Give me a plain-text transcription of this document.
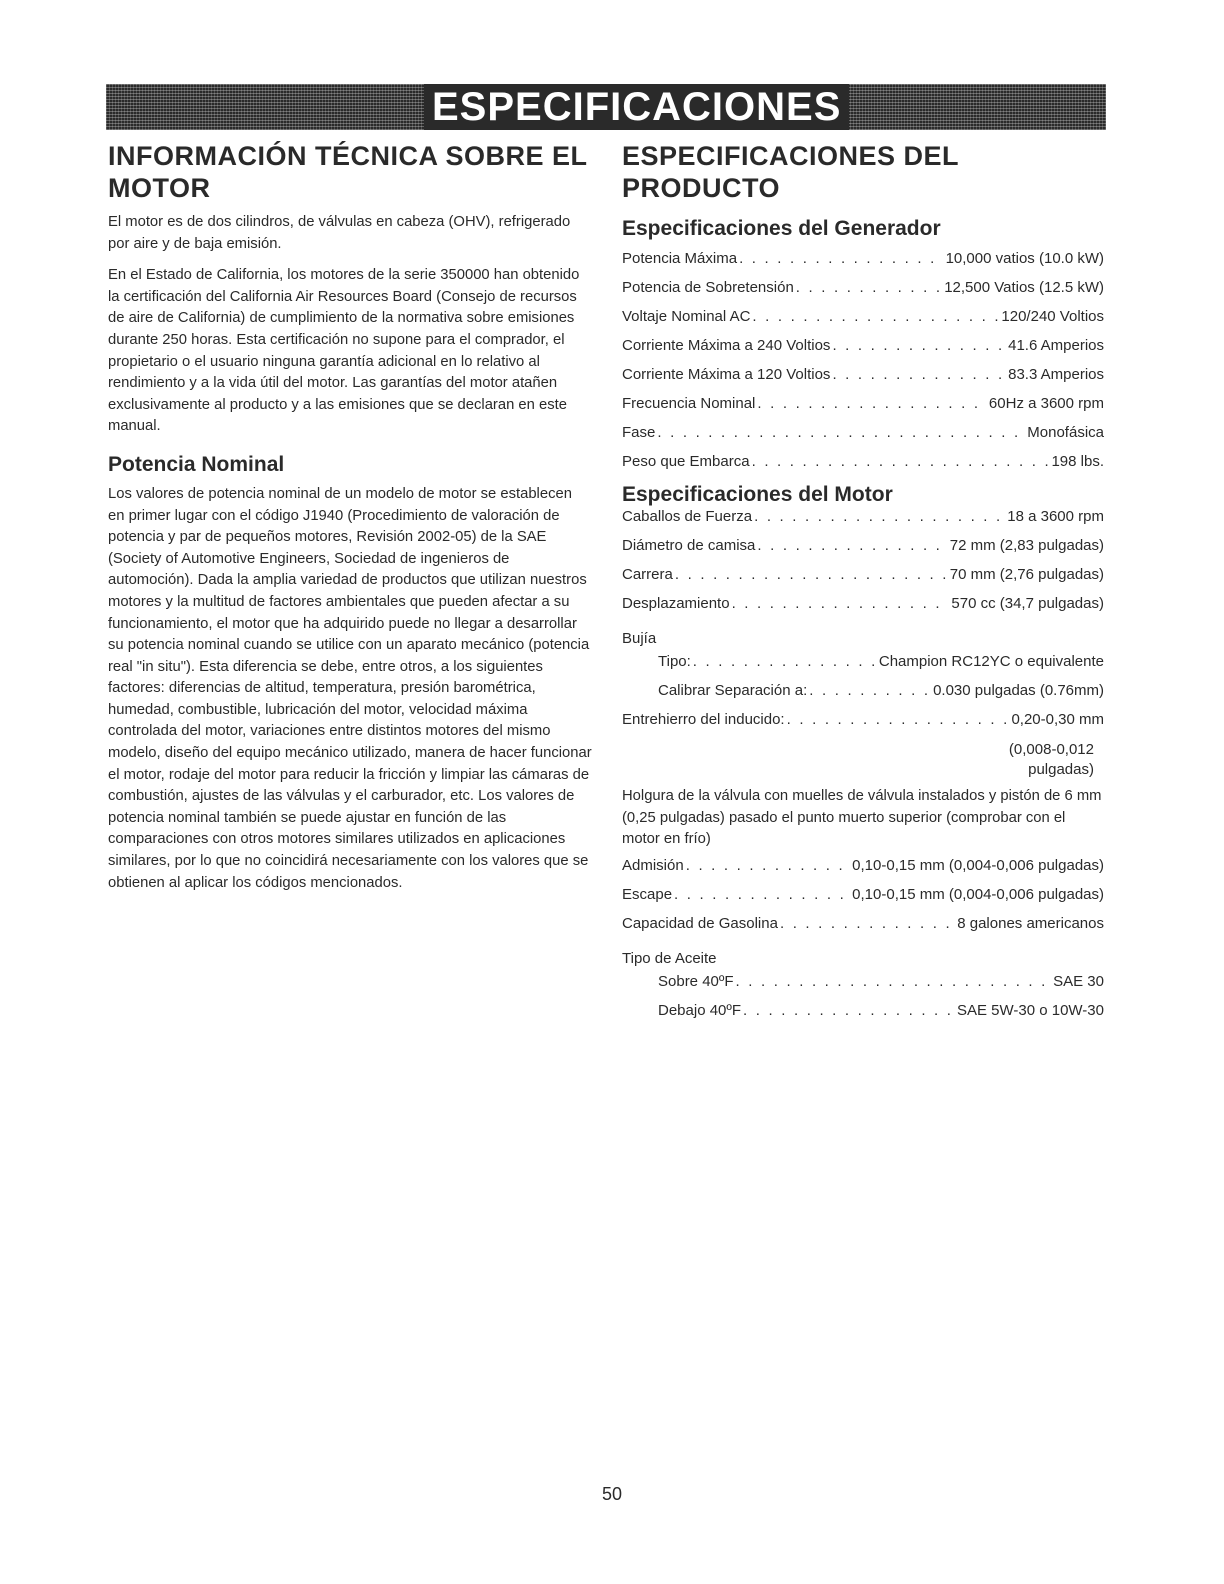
ESPECIFICACIONES
INFORMACIÓN TÉCNICA SOBRE EL MOTOR

El motor es de dos cilindros, de válvulas en cabeza (OHV), refrigerado por aire y de baja emisión.

En el Estado de California, los motores de la serie 350000 han obtenido la certificación del California Air Resources Board (Consejo de recursos de aire de California) de cumplimiento de la normativa sobre emisiones durante 250 horas. Esta certificación no supone para el comprador, el propietario o el usuario ninguna garantía adicional en lo relativo al rendimiento y a la vida útil del motor. Las garantías del motor atañen exclusivamente al producto y a las emisiones que se declaran en este manual.

Potencia Nominal

Los valores de potencia nominal de un modelo de motor se establecen en primer lugar con el código J1940 (Procedimiento de valoración de potencia y par de pequeños motores, Revisión 2002-05) de la SAE (Society of Automotive Engineers, Sociedad de ingenieros de automoción). Dada la amplia variedad de productos que utilizan nuestros motores y la multitud de factores ambientales que pueden afectar a su funcionamiento, el motor que ha adquirido puede no llegar a desarrollar su potencia nominal cuando se utilice con un aparato mecánico (potencia real "in situ"). Esta diferencia se debe, entre otros, a los siguientes factores: diferencias de altitud, temperatura, presión barométrica, humedad, combustible, lubricación del motor, velocidad máxima controlada del motor, variaciones entre distintos motores del mismo modelo, diseño del equipo mecánico utilizado, manera de hacer funcionar el motor, rodaje del motor para reducir la fricción y limpiar las cámaras de combustión, ajustes de las válvulas y el carburador, etc. Los valores de potencia nominal también se puede ajustar en función de las comparaciones con otros motores similares utilizados en aplicaciones similares, por lo que no coincidirá necesariamente con los valores que se obtienen al aplicar los códigos mencionados.

ESPECIFICACIONES DEL PRODUCTO
Especificaciones del Generador
Potencia Máxima . . .	10,000 vatios (10.0 kW)
Potencia de Sobretensión . . .	12,500 Vatios (12.5 kW)
Voltaje Nominal AC . . .	120/240 Voltios
Corriente Máxima a 240 Voltios . . .	41.6 Amperios
Corriente Máxima a 120 Voltios . . .	83.3 Amperios
Frecuencia Nominal . . .	60Hz a 3600 rpm
Fase . . .	Monofásica
Peso que Embarca . . .	198 lbs.
Especificaciones del Motor
Caballos de Fuerza . . .	18 a 3600 rpm
Diámetro de camisa . . .	72 mm (2,83 pulgadas)
Carrera . . .	70 mm (2,76 pulgadas)
Desplazamiento . . .	570 cc (34,7 pulgadas)
Bujía
Tipo: . . .	Champion RC12YC o equivalente
Calibrar Separación a: . . .	0.030 pulgadas (0.76mm)
Entrehierro del inducido: . . .	0,20-0,30 mm
(0,008-0,012
pulgadas)

Holgura de la válvula con muelles de válvula instalados y pistón de 6 mm (0,25 pulgadas) pasado el punto muerto superior (comprobar con el motor en frío)

Admisión . . .	0,10-0,15 mm (0,004-0,006 pulgadas)
Escape . . .	0,10-0,15 mm (0,004-0,006 pulgadas)
Capacidad de Gasolina . . .	8 galones americanos
Tipo de Aceite
Sobre 40ºF . . .	SAE 30
Debajo 40ºF . . .	SAE 5W-30 o 10W-30
50
